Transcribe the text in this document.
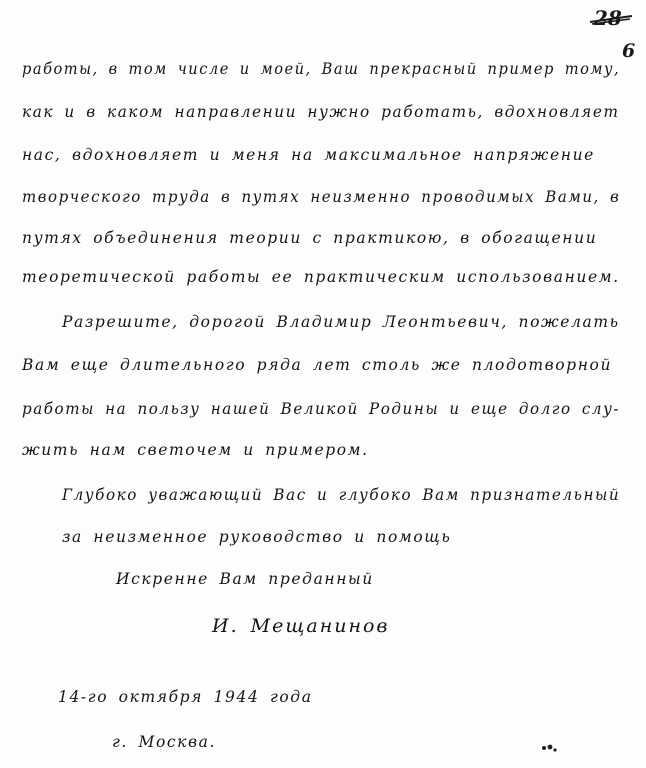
28
6
работы, в том числе и моей, Ваш прекрасный пример тому,
как и в каком направлении нужно работать, вдохновляет
нас, вдохновляет и меня на максимальное напряжение
творческого труда в путях неизменно проводимых Вами, в
путях объединения теории с практикою, в обогащении
теоретической работы ее практическим использованием.
Разрешите, дорогой Владимир Леонтьевич, пожелать
Вам еще длительного ряда лет столь же плодотворной
работы на пользу нашей Великой Родины и еще долго слу-
жить нам светочем и примером.
Глубоко уважающий Вас и глубоко Вам признательный
за неизменное руководство и помощь
Искренне Вам преданный
И. Мещанинов
14-го октября 1944 года
г. Москва.
